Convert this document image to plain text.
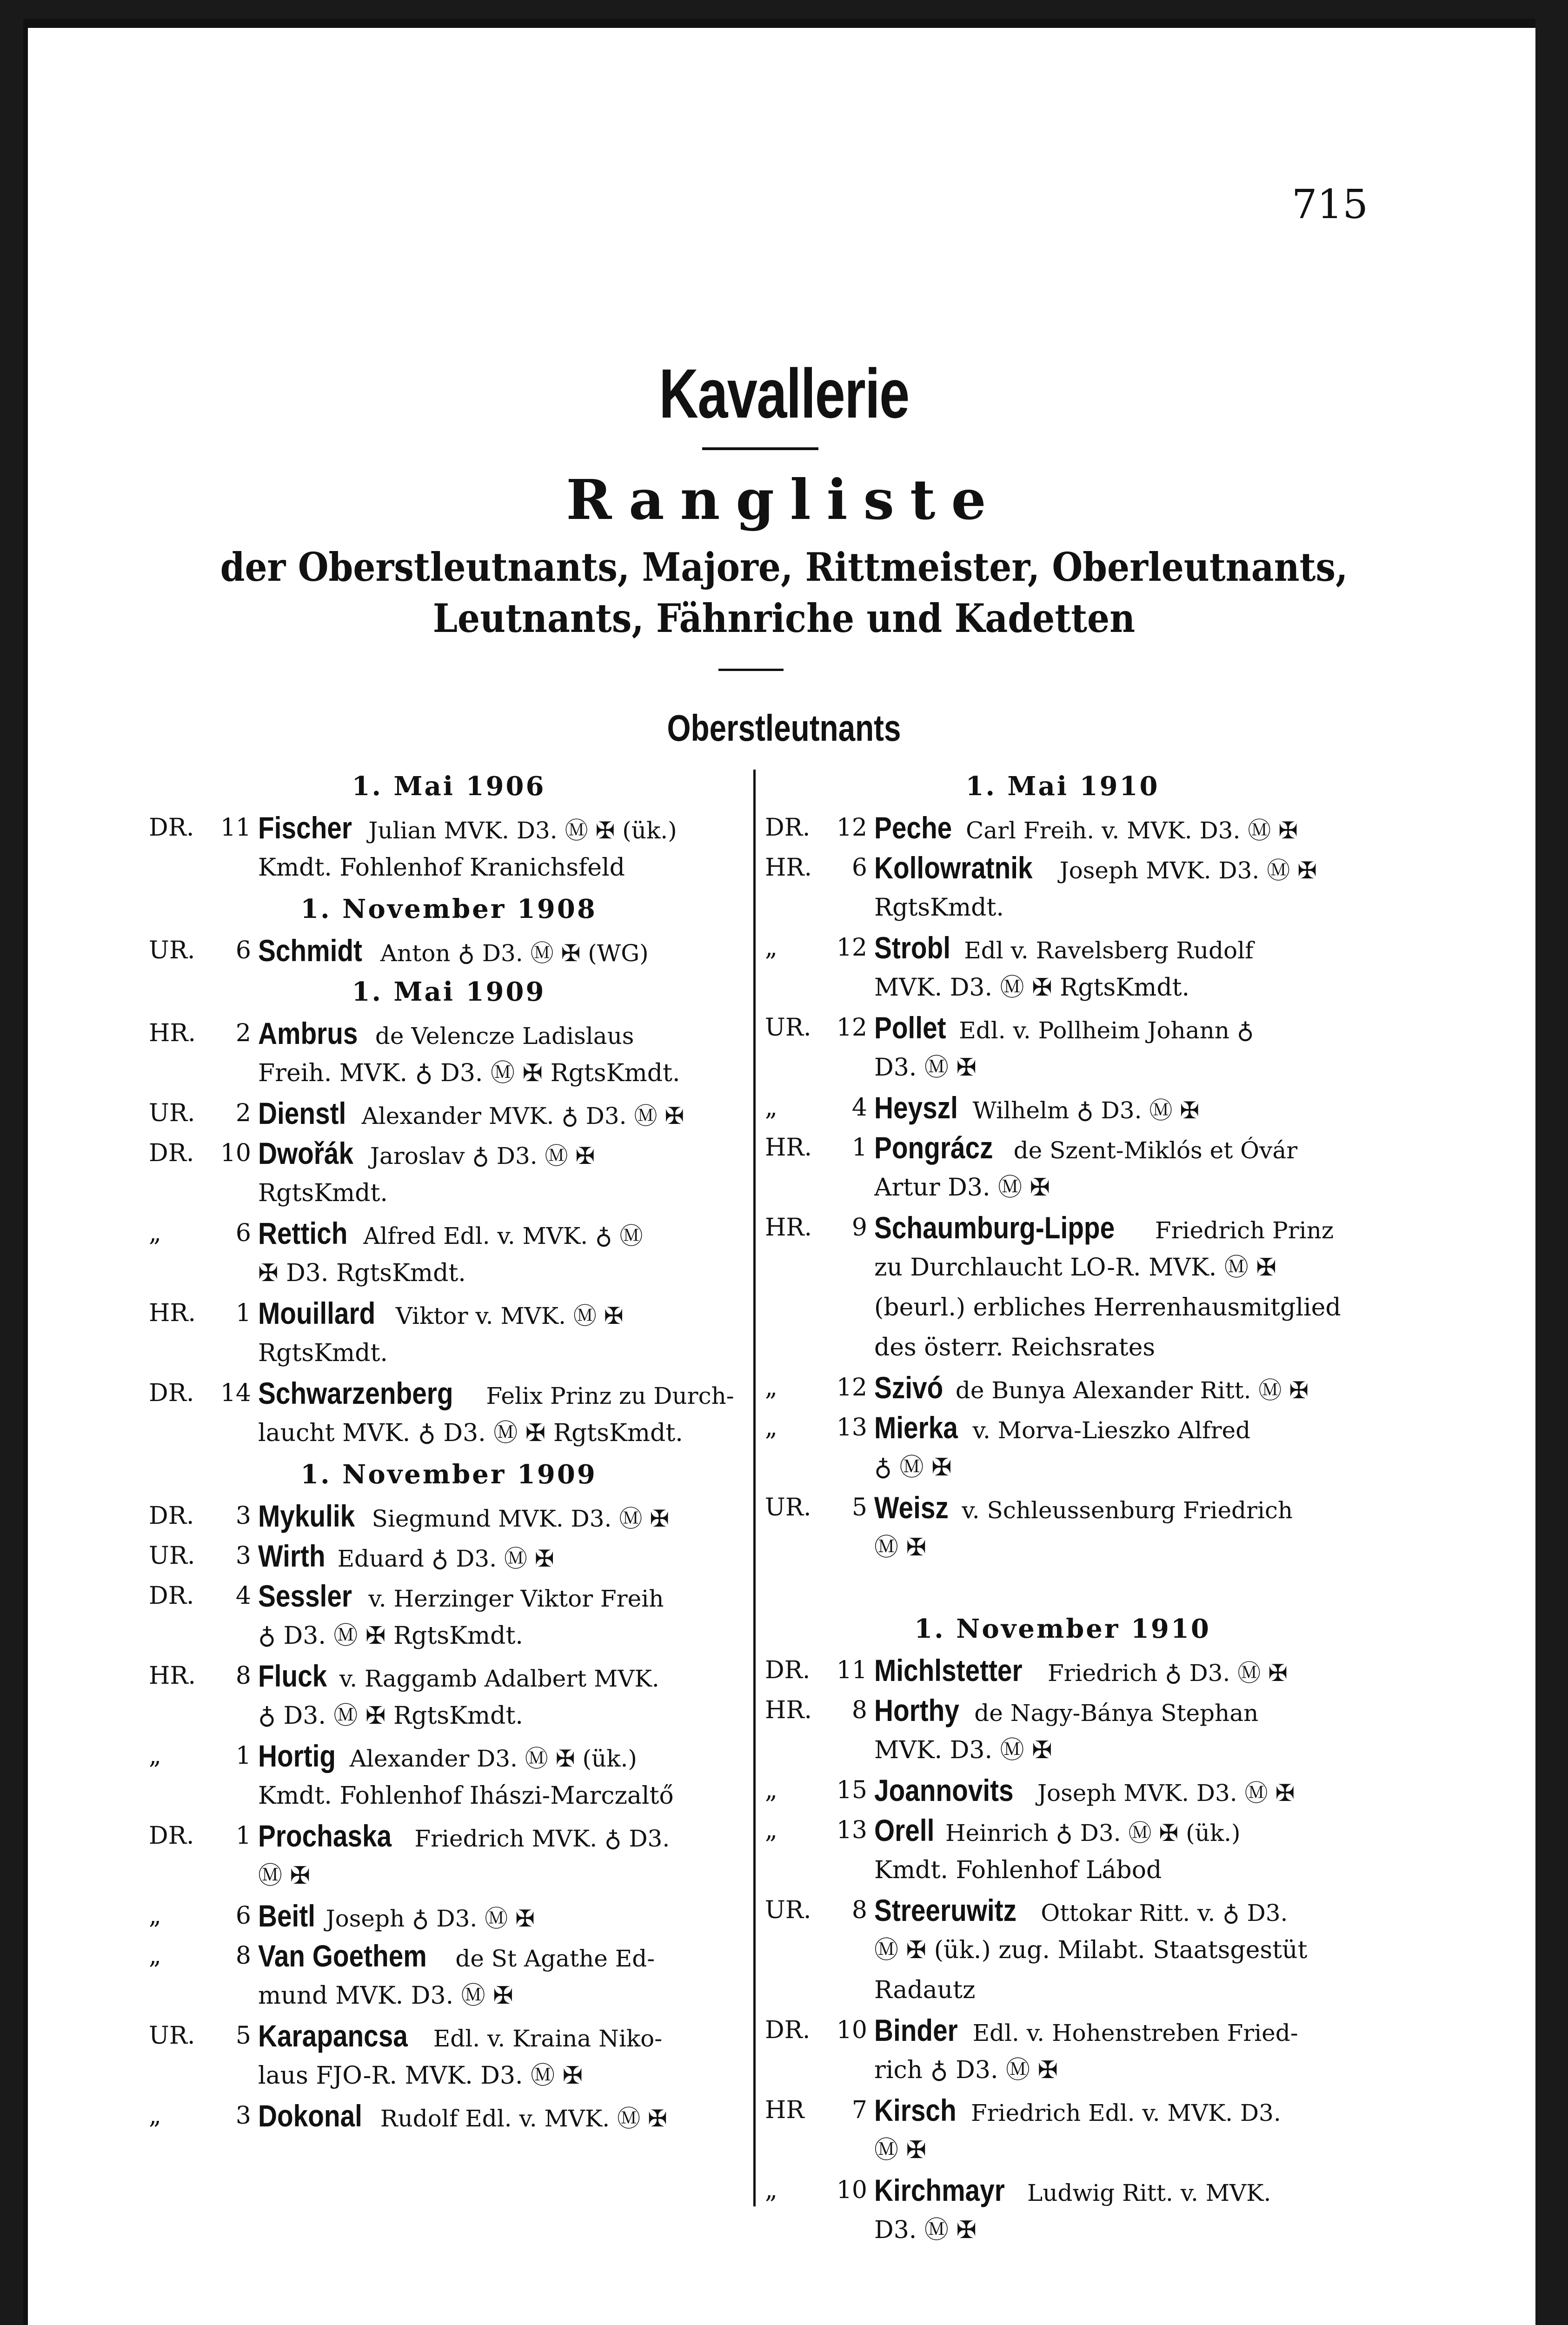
715
Kavallerie
Rangliste
der Oberstleutnants, Majore, Rittmeister, Oberleutnants,
Leutnants, Fähnriche und Kadetten
Oberstleutnants
1. Mai 1906
DR.	11 Fischer Julian MVK. D3. Ⓜ ✠ (ük.)
Kmdt. Fohlenhof Kranichsfeld
1. November 1908
UR.	6 Schmidt Anton ♁ D3. Ⓜ ✠ (WG)
1. Mai 1909
HR.	2 Ambrus de Velencze Ladislaus
Freih. MVK. ♁ D3. Ⓜ ✠ RgtsKmdt.
UR.	2 Dienstl Alexander MVK. ♁ D3. Ⓜ ✠
DR.	10 Dwořák Jaroslav ♁ D3. Ⓜ ✠
RgtsKmdt.
„	6 Rettich Alfred Edl. v. MVK. ♁ Ⓜ
✠ D3. RgtsKmdt.
HR.	1 Mouillard Viktor v. MVK. Ⓜ ✠
RgtsKmdt.
DR.	14 Schwarzenberg Felix Prinz zu Durch-
laucht MVK. ♁ D3. Ⓜ ✠ RgtsKmdt.
1. November 1909
DR.	3 Mykulik Siegmund MVK. D3. Ⓜ ✠
UR.	3 Wirth Eduard ♁ D3. Ⓜ ✠
DR.	4 Sessler v. Herzinger Viktor Freih
♁ D3. Ⓜ ✠ RgtsKmdt.
HR.	8 Fluck v. Raggamb Adalbert MVK.
♁ D3. Ⓜ ✠ RgtsKmdt.
„	1 Hortig Alexander D3. Ⓜ ✠ (ük.)
Kmdt. Fohlenhof Ihászi-Marczaltő
DR.	1 Prochaska Friedrich MVK. ♁ D3.
Ⓜ ✠
„	6 Beitl Joseph ♁ D3. Ⓜ ✠
„	8 Van Goethem de St Agathe Ed-
mund MVK. D3. Ⓜ ✠
UR.	5 Karapancsa Edl. v. Kraina Niko-
laus FJO-R. MVK. D3. Ⓜ ✠
„	3 Dokonal Rudolf Edl. v. MVK. Ⓜ ✠
1. Mai 1910
DR.	12 Peche Carl Freih. v. MVK. D3. Ⓜ ✠
HR.	6 Kollowratnik Joseph MVK. D3. Ⓜ ✠
RgtsKmdt.
„	12 Strobl Edl v. Ravelsberg Rudolf
MVK. D3. Ⓜ ✠ RgtsKmdt.
UR.	12 Pollet Edl. v. Pollheim Johann ♁
D3. Ⓜ ✠
„	4 Heyszl Wilhelm ♁ D3. Ⓜ ✠
HR.	1 Pongrácz de Szent-Miklós et Óvár
Artur D3. Ⓜ ✠
HR.	9 Schaumburg-Lippe Friedrich Prinz
zu Durchlaucht LO-R. MVK. Ⓜ ✠
(beurl.) erbliches Herrenhausmitglied
des österr. Reichsrates
„	12 Szivó de Bunya Alexander Ritt. Ⓜ ✠
„	13 Mierka v. Morva-Lieszko Alfred
♁ Ⓜ ✠
UR.	5 Weisz v. Schleussenburg Friedrich
Ⓜ ✠
1. November 1910
DR.	11 Michlstetter Friedrich ♁ D3. Ⓜ ✠
HR.	8 Horthy de Nagy-Bánya Stephan
MVK. D3. Ⓜ ✠
„	15 Joannovits Joseph MVK. D3. Ⓜ ✠
„	13 Orell Heinrich ♁ D3. Ⓜ ✠ (ük.)
Kmdt. Fohlenhof Lábod
UR.	8 Streeruwitz Ottokar Ritt. v. ♁ D3.
Ⓜ ✠ (ük.) zug. Milabt. Staatsgestüt
Radautz
DR.	10 Binder Edl. v. Hohenstreben Fried-
rich ♁ D3. Ⓜ ✠
HR	7 Kirsch Friedrich Edl. v. MVK. D3.
Ⓜ ✠
„	10 Kirchmayr Ludwig Ritt. v. MVK.
D3. Ⓜ ✠
